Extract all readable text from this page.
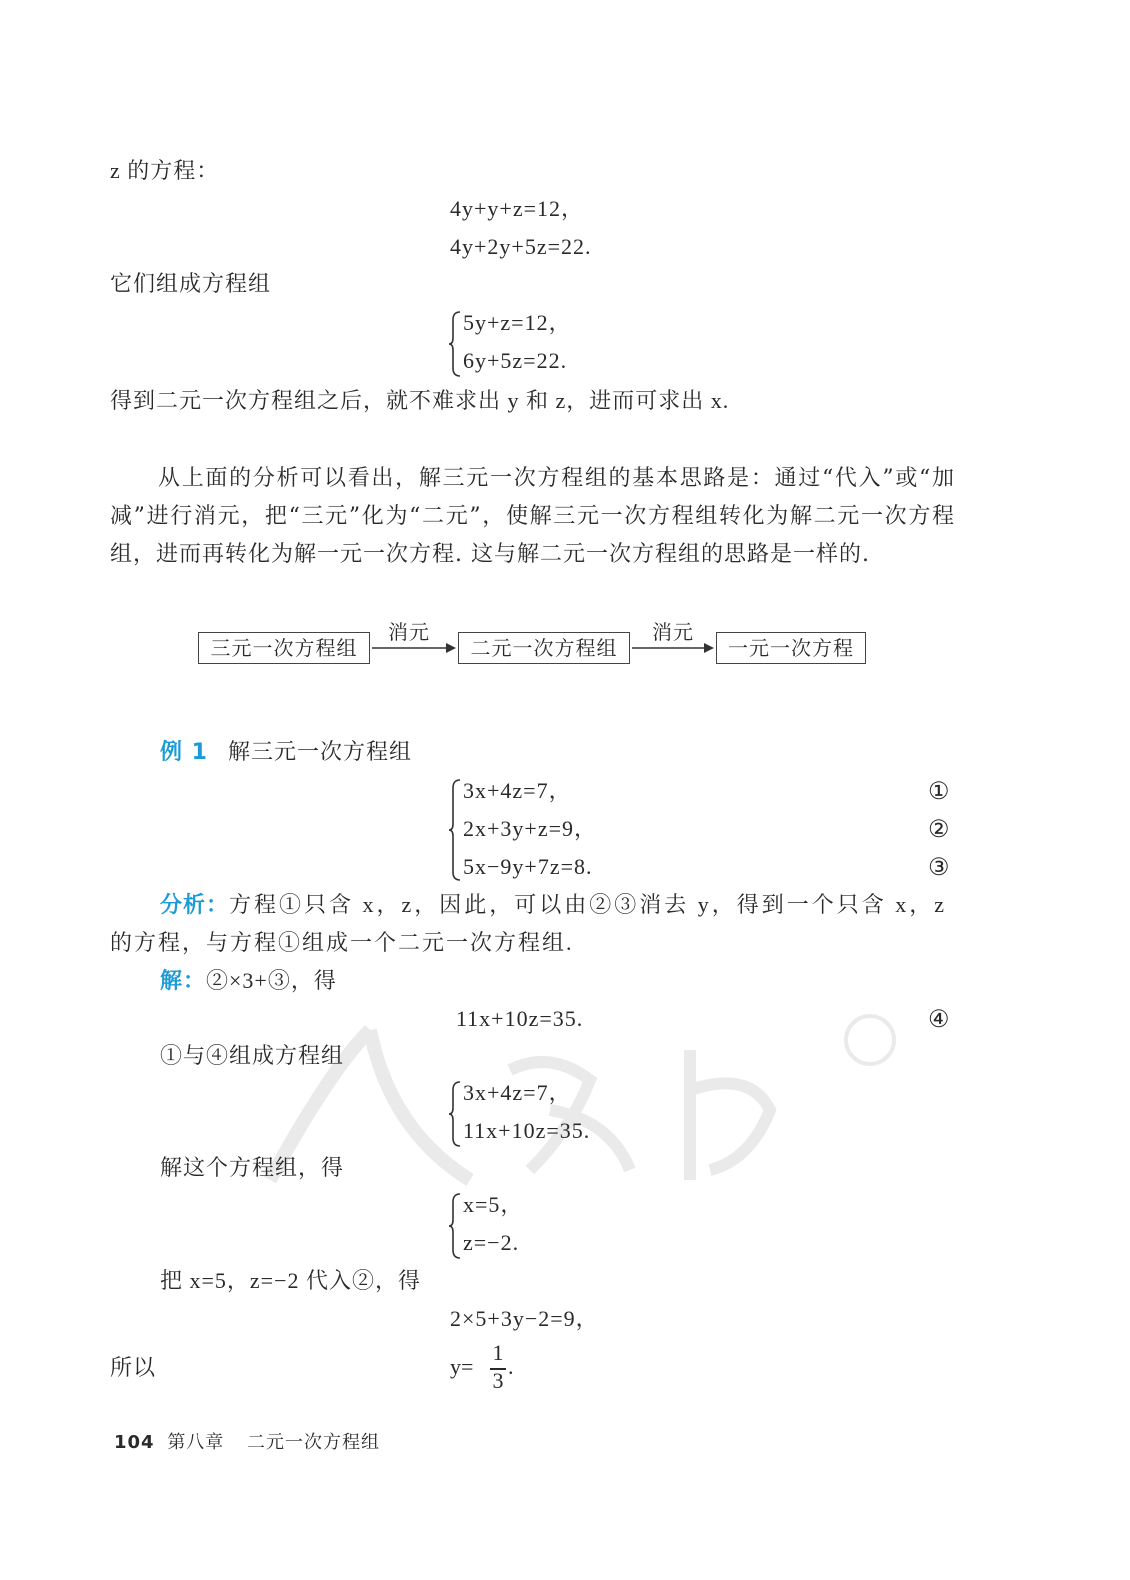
z 的方程：
4y+y+z=12，
4y+2y+5z=22.
它们组成方程组
5y+z=12，
6y+5z=22.
得到二元一次方程组之后，就不难求出 y 和 z，进而可求出 x.
从上面的分析可以看出，解三元一次方程组的基本思路是：通过“代入”或“加减”进行消元，把“三元”化为“二元”，使解三元一次方程组转化为解二元一次方程组，进而再转化为解一元一次方程. 这与解二元一次方程组的思路是一样的.
三元一次方程组
消元
二元一次方程组
消元
一元一次方程
例 1 解三元一次方程组
3x+4z=7，
2x+3y+z=9，
5x−9y+7z=8.
①
②
③
分析：方程①只含 x，z，因此，可以由②③消去 y，得到一个只含 x，z
的方程，与方程①组成一个二元一次方程组.
解：②×3+③，得
11x+10z=35.	④
①与④组成方程组
3x+4z=7，
11x+10z=35.
解这个方程组，得
x=5，
z=−2.
把 x=5，z=−2 代入②，得
2×5+3y−2=9，
所以	y=
1
3
.
104 第八章 二元一次方程组
